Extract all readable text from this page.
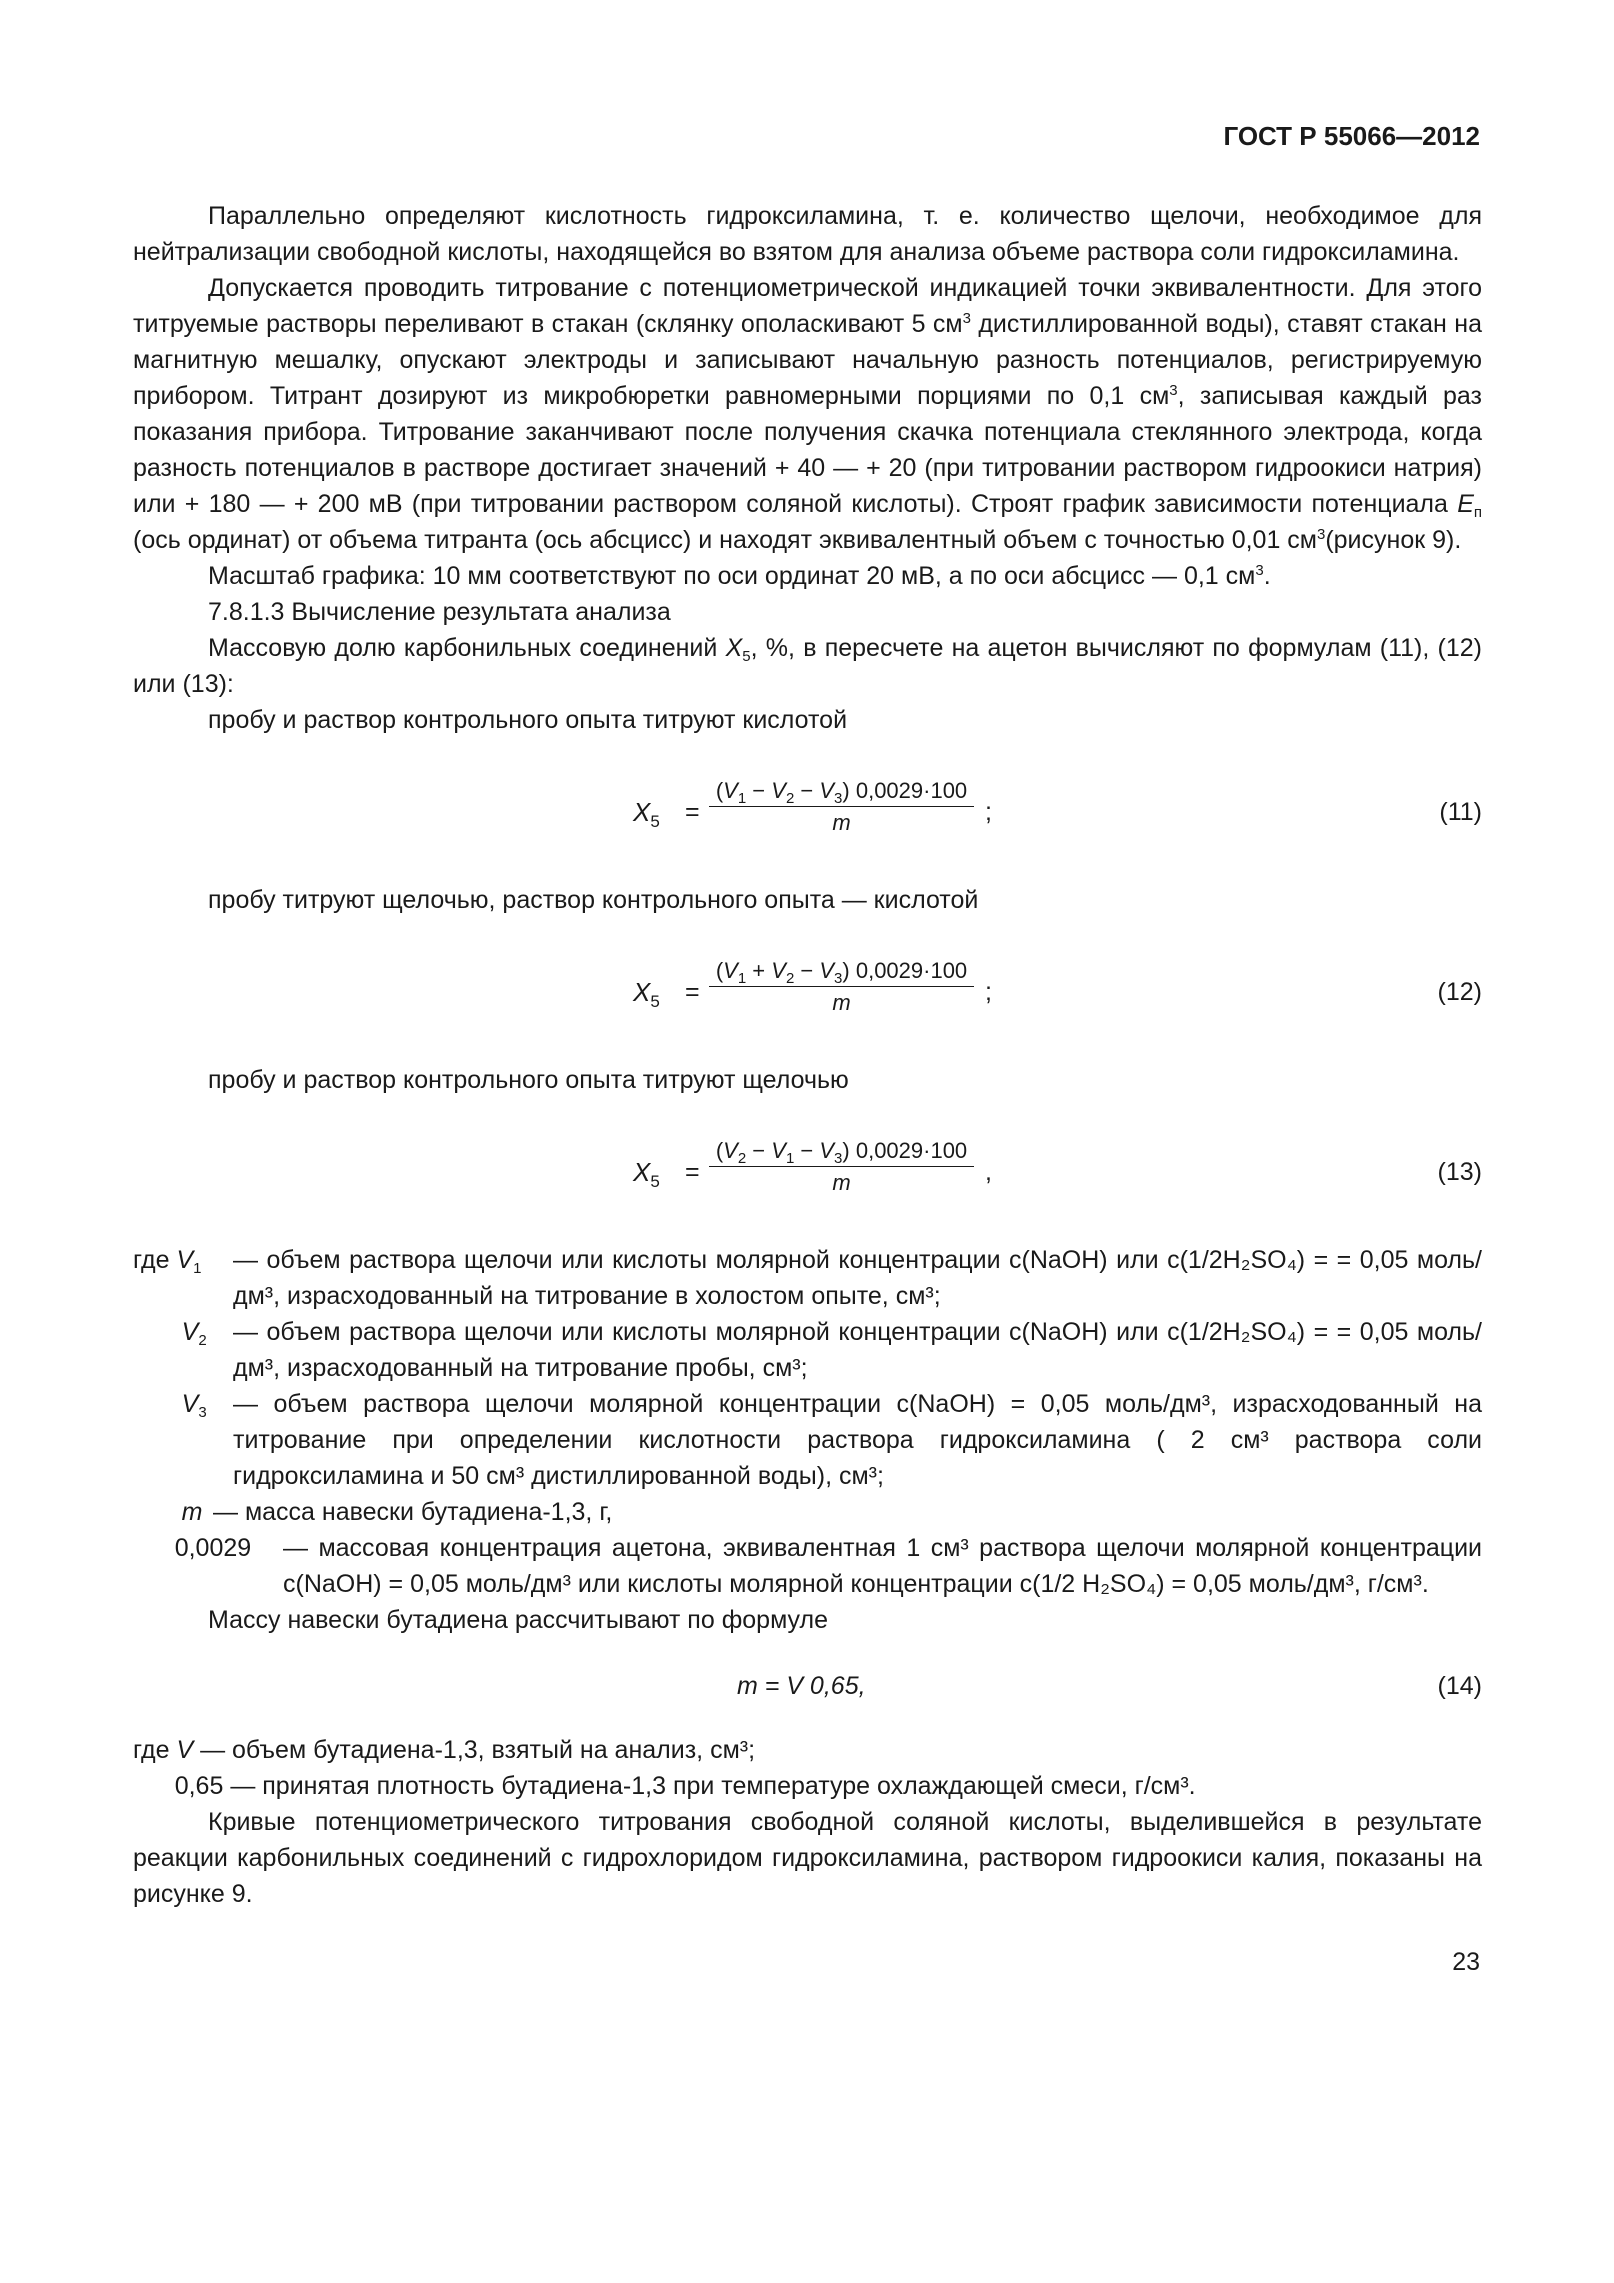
ГОСТ Р 55066—2012

Параллельно определяют кислотность гидроксиламина, т. е. количество щелочи, необходимое для нейтрализации свободной кислоты, находящейся во взятом для анализа объеме раствора соли гидроксиламина.

Допускается проводить титрование с потенциометрической индикацией точки эквивалентности. Для этого титруемые растворы переливают в стакан (склянку ополаскивают 5 $см^3$ дистиллированной воды), ставят стакан на магнитную мешалку, опускают электроды и записывают начальную разность потенциалов, регистрируемую прибором. Титрант дозируют из микробюретки равномерными порциями по 0,1 $см^3$, записывая каждый раз показания прибора. Титрование заканчивают после получения скачка потенциала стеклянного электрода, когда разность потенциалов в растворе достигает значений + 40 — + 20 (при титровании раствором гидроокиси натрия) или + 180 — + 200 мВ (при титровании раствором соляной кислоты). Строят график зависимости потенциала $E_п$ (ось ординат) от объема титранта (ось абсцисс) и находят эквивалентный объем с точностью 0,01 $см^3(рисунок$ 9).

Масштаб графика: 10 мм соответствуют по оси ординат 20 мВ, а по оси абсцисс — 0,1 $см^3$.

7.8.1.3 Вычисление результата анализа

Массовую долю карбонильных соединений $X_5$, %, в пересчете на ацетон вычисляют по формулам (11), (12) или (13):

пробу и раствор контрольного опыта титруют кислотой

$X_5 = \frac{(V_1 - V_2 - V_3) 0,0029\cdot 100}{m}$ ;	(11)

пробу титруют щелочью, раствор контрольного опыта — кислотой

$X_5 = \frac{(V_1 + V_2 - V_3) 0,0029\cdot 100}{m}$ ;	(12)

пробу и раствор контрольного опыта титруют щелочью

$X_5 = \frac{(V_2 - V_1 - V_3) 0,0029\cdot 100}{m}$ ,	(13)
где $V_1$	— объем раствора щелочи или кислоты молярной концентрации c(NaOH) или c(1/2H₂SO₄) = = 0,05 моль/дм³, израсходованный на титрование в холостом опыте, см³;
$V_2$	— объем раствора щелочи или кислоты молярной концентрации c(NaOH) или c(1/2H₂SO₄) = = 0,05 моль/дм³, израсходованный на титрование пробы, см³;
$V_3$	— объем раствора щелочи молярной концентрации c(NaOH) = 0,05 моль/дм³, израсходованный на титрование при определении кислотности раствора гидроксиламина ( 2 см³ раствора соли гидроксиламина и 50 см³ дистиллированной воды), см³;
m — масса навески бутадиена-1,3, г,
0,0029	— массовая концентрация ацетона, эквивалентная 1 см³ раствора щелочи молярной концентрации c(NaOH) = 0,05 моль/дм³ или кислоты молярной концентрации c(1/2 H₂SO₄) = 0,05 моль/дм³, г/см³.

Массу навески бутадиена рассчитывают по формуле

m = V 0,65,	(14)
где V — объем бутадиена-1,3, взятый на анализ, см³;
0,65 — принятая плотность бутадиена-1,3 при температуре охлаждающей смеси, г/см³.

Кривые потенциометрического титрования свободной соляной кислоты, выделившейся в результате реакции карбонильных соединений с гидрохлоридом гидроксиламина, раствором гидроокиси калия, показаны на рисунке 9.

23
